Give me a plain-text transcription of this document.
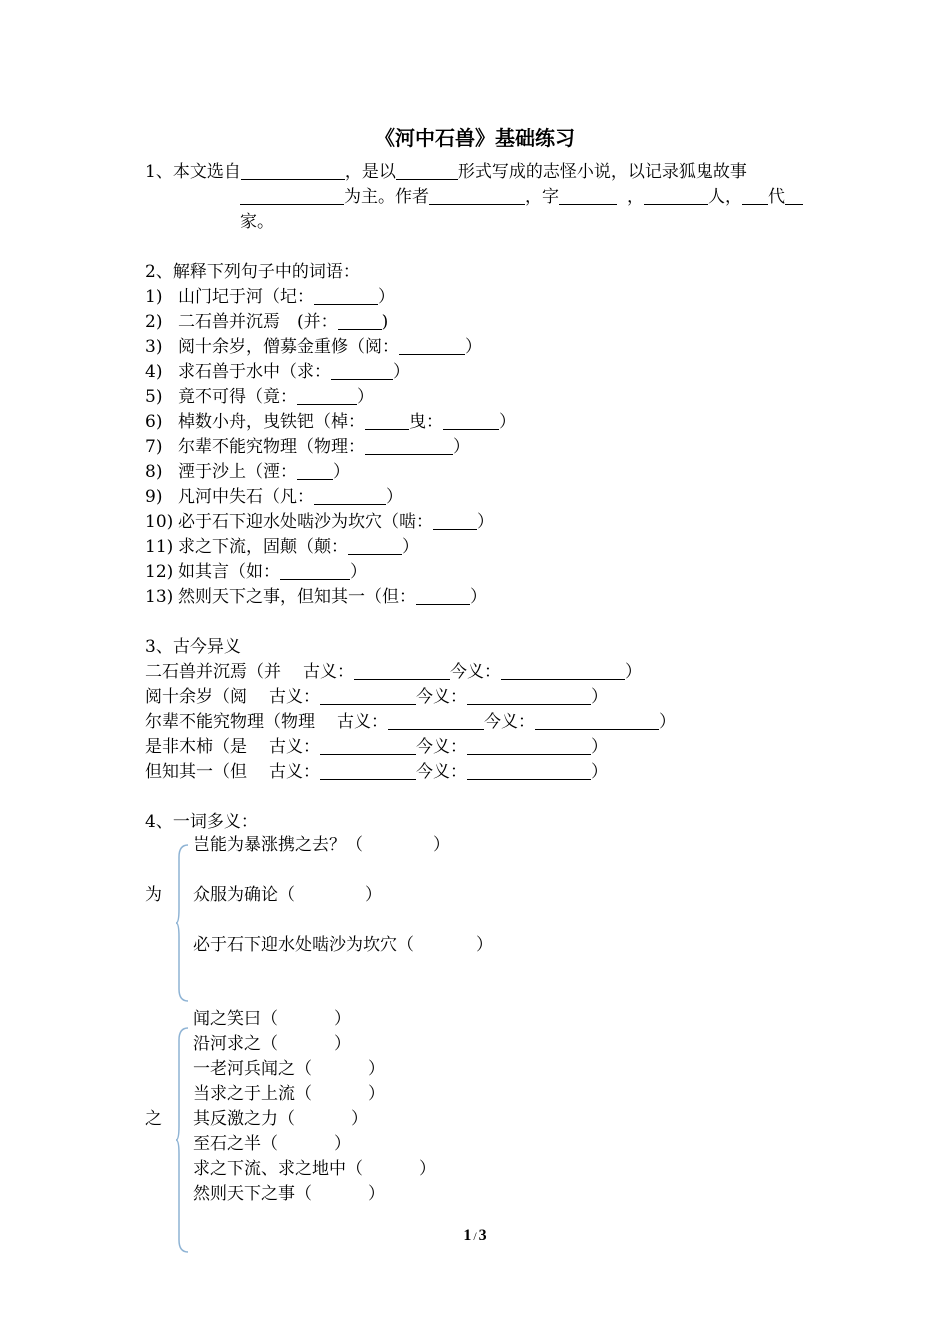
《河中石兽》基础练习
1、本文选自	，是以	形式写成的志怪小说，以记录狐鬼故事
为主。作者	，字	，	人， 代
家。
2、解释下列句子中的词语：
1) 山门圮于河（圮：	）
2) 二石兽并沉焉　(并：	)
3) 阅十余岁，僧募金重修（阅：	）
4) 求石兽于水中（求：	）
5) 竟不可得（竟：	）
6) 棹数小舟，曳铁钯（棹：	曳：	）
7) 尔辈不能究物理（物理：	）
8) 湮于沙上（湮： ）
9) 凡河中失石（凡：	）
10) 必于石下迎水处啮沙为坎穴（啮：	）
11) 求之下流，固颠（颠：	）
12) 如其言（如：	）
13) 然则天下之事，但知其一（但：	）
3、古今异义
二石兽并沉焉（并 古义：	今义：	）
阅十余岁（阅 古义：	今义：	）
尔辈不能究物理（物理 古义：	今义：	）
是非木柿（是 古义：	今义：	）
但知其一（但 古义：	今义：	）
4、一词多义：
为
岂能为暴涨携之去？（	）
众服为确论（	）
必于石下迎水处啮沙为坎穴（	）
之
闻之笑曰（	）
沿河求之（	）
一老河兵闻之（	）
当求之于上流（	）
其反激之力（	）
至石之半（	）
求之下流、求之地中（	）
然则天下之事（	）
1 / 3
